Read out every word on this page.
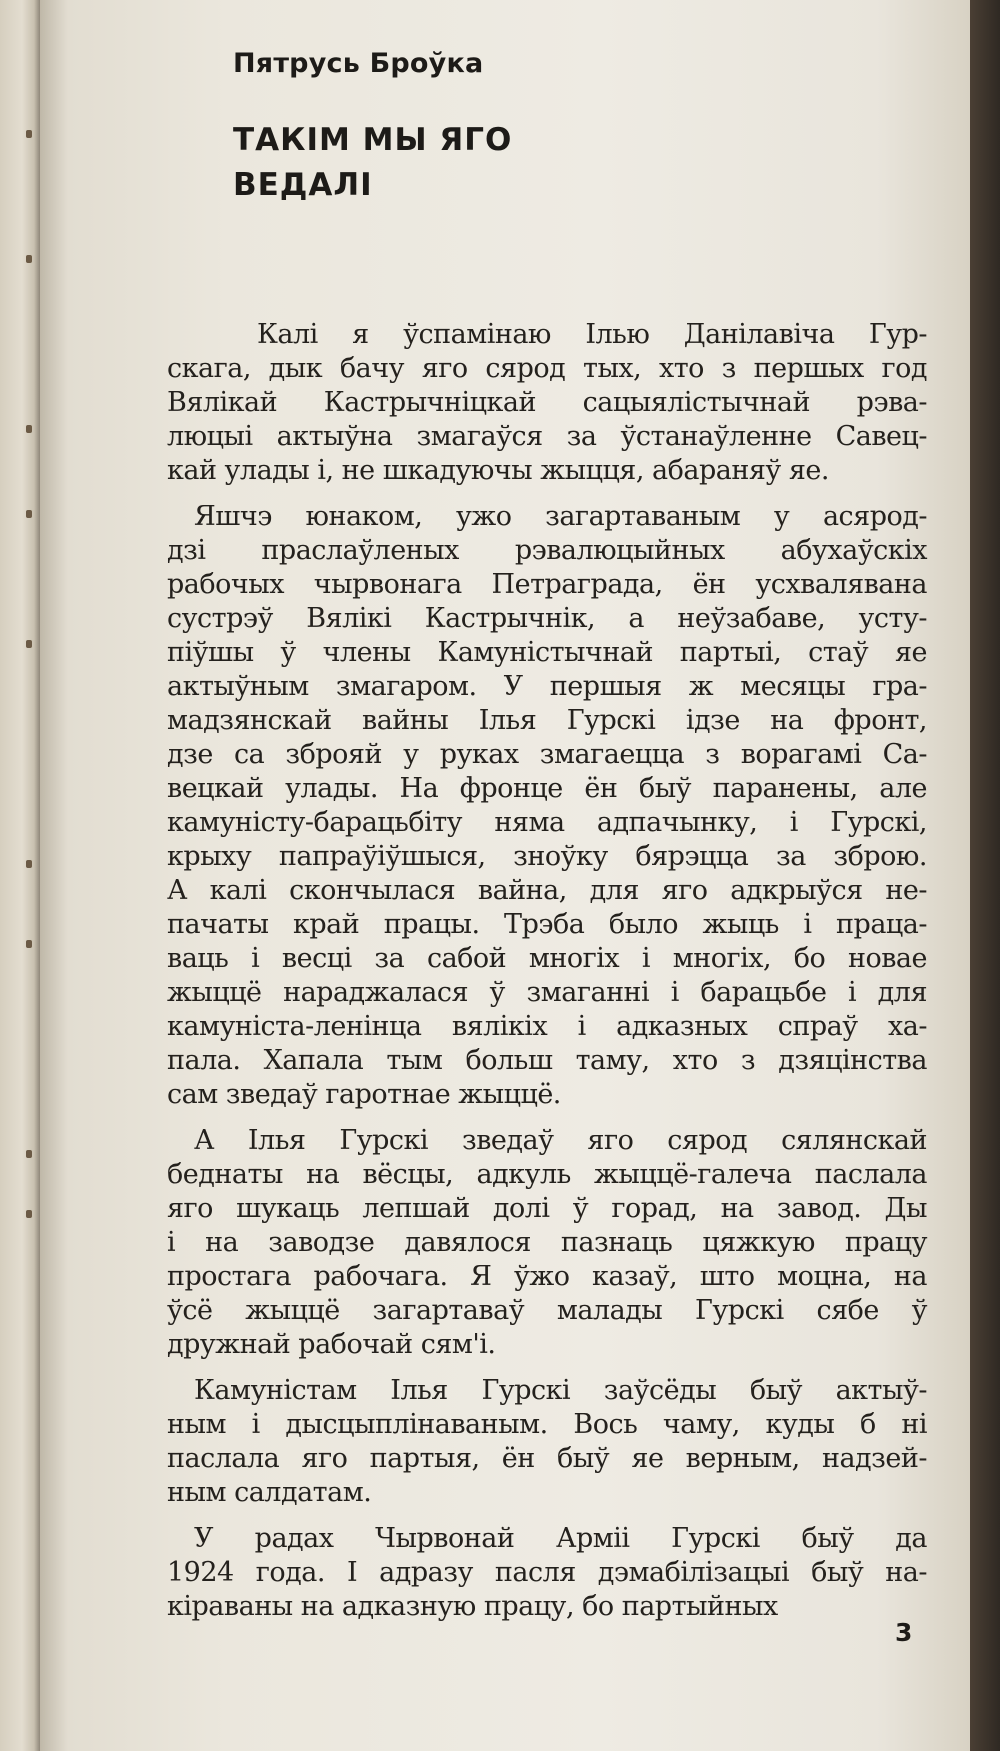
Пятрусь Броўка
ТАКІМ МЫ ЯГО
ВЕДАЛІ
Калі я ўспамінаю Ілью Данілавіча Гур-
скага, дык бачу яго сярод тых, хто з першых год
Вялікай Кастрычніцкай сацыялістычнай рэва-
люцыі актыўна змагаўся за ўстанаўленне Савец-
кай улады і, не шкадуючы жыцця, абараняў яе.
Яшчэ юнаком, ужо загартаваным у асярод-
дзі праслаўленых рэвалюцыйных абухаўскіх
рабочых чырвонага Петраграда, ён усхвалявана
сустрэў Вялікі Кастрычнік, а неўзабаве, усту-
піўшы ў члены Камуністычнай партыі, стаў яе
актыўным змагаром. У першыя ж месяцы гра-
мадзянскай вайны Ілья Гурскі ідзе на фронт,
дзе са зброяй у руках змагаецца з ворагамі Са-
вецкай улады. На фронце ён быў паранены, але
камуністу-барацьбіту няма адпачынку, і Гурскі,
крыху папраўіўшыся, зноўку бярэцца за зброю.
А калі скончылася вайна, для яго адкрыўся не-
пачаты край працы. Трэба было жыць і праца-
ваць і весці за сабой многіх і многіх, бо новае
жыццё нараджалася ў змаганні і барацьбе і для
камуніста-ленінца вялікіх і адказных спраў ха-
пала. Хапала тым больш таму, хто з дзяцінства
сам зведаў гаротнае жыццё.
А Ілья Гурскі зведаў яго сярод сялянскай
беднаты на вёсцы, адкуль жыццё-галеча паслала
яго шукаць лепшай долі ў горад, на завод. Ды
і на заводзе давялося пазнаць цяжкую працу
простага рабочага. Я ўжо казаў, што моцна, на
ўсё жыццё загартаваў малады Гурскі сябе ў
дружнай рабочай сям'і.
Камуністам Ілья Гурскі заўсёды быў актыў-
ным і дысцыплінаваным. Вось чаму, куды б ні
паслала яго партыя, ён быў яе верным, надзей-
ным салдатам.
У радах Чырвонай Арміі Гурскі быў да
1924 года. І адразу пасля дэмабілізацыі быў на-
кіраваны на адказную працу, бо партыйных
3
